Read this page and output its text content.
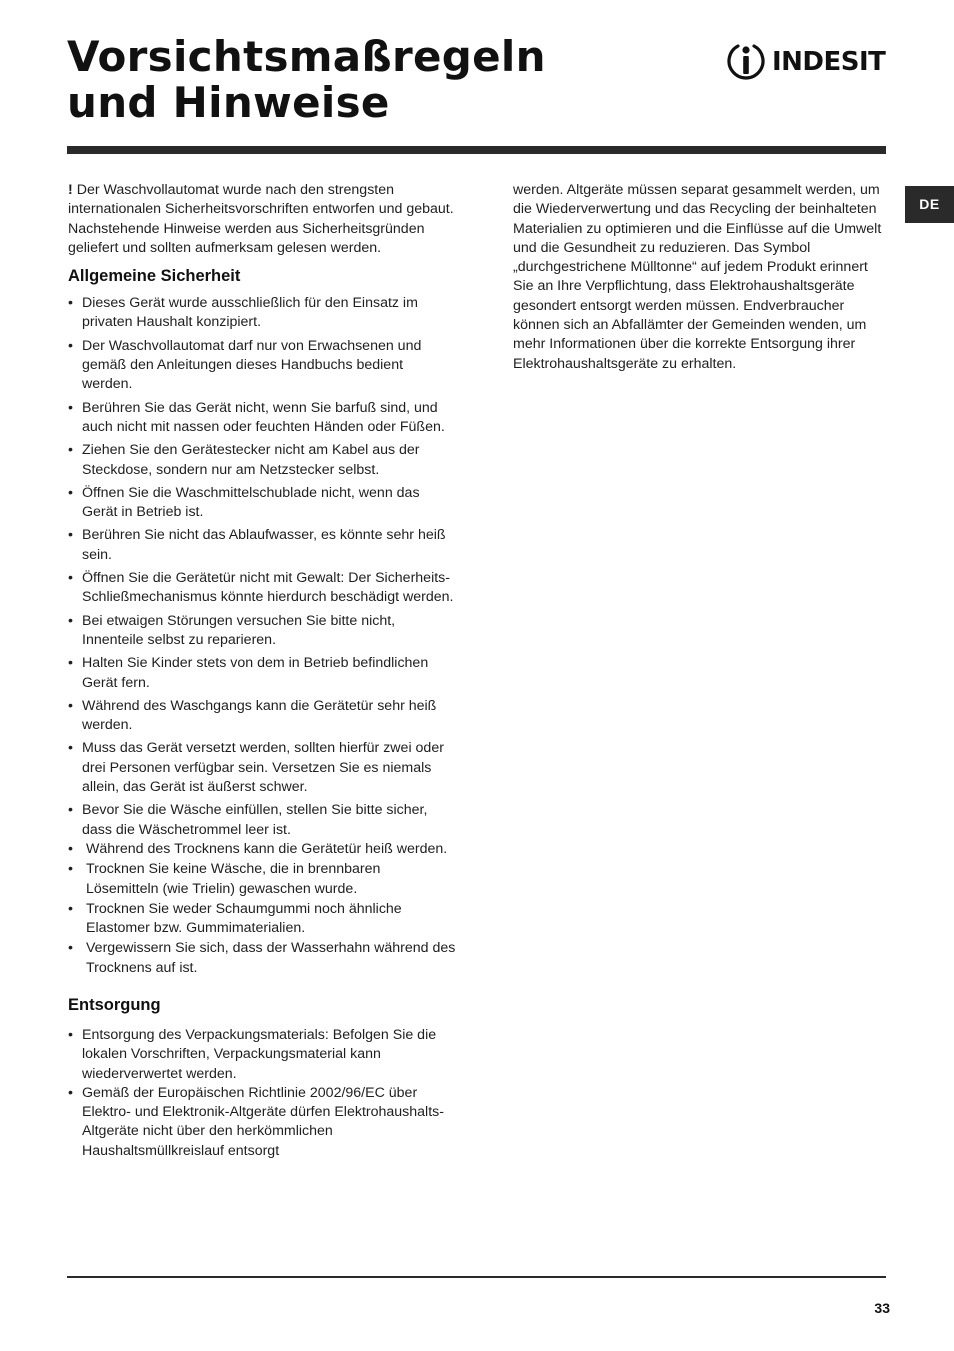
Vorsichtsmaßregeln
und Hinweise
INDESIT
DE

! Der Waschvollautomat wurde nach den strengsten internationalen Sicherheitsvorschriften entworfen und gebaut. Nachstehende Hinweise werden aus Sicherheitsgründen geliefert und sollten aufmerksam gelesen werden.

Allgemeine Sicherheit
• Dieses Gerät wurde ausschließlich für den Einsatz im privaten Haushalt konzipiert.
• Der Waschvollautomat darf nur von Erwachsenen und gemäß den Anleitungen dieses Handbuchs bedient werden.
• Berühren Sie das Gerät nicht, wenn Sie barfuß sind, und auch nicht mit nassen oder feuchten Händen oder Füßen.
• Ziehen Sie den Gerätestecker nicht am Kabel aus der Steckdose, sondern nur am Netzstecker selbst.
• Öffnen Sie die Waschmittelschublade nicht, wenn das Gerät in Betrieb ist.
• Berühren Sie nicht das Ablaufwasser, es könnte sehr heiß sein.
• Öffnen Sie die Gerätetür nicht mit Gewalt: Der Sicherheits-Schließmechanismus könnte hierdurch beschädigt werden.
• Bei etwaigen Störungen versuchen Sie bitte nicht, Innenteile selbst zu reparieren.
• Halten Sie Kinder stets von dem in Betrieb befindlichen Gerät fern.
• Während des Waschgangs kann die Gerätetür sehr heiß werden.
• Muss das Gerät versetzt werden, sollten hierfür zwei oder drei Personen verfügbar sein. Versetzen Sie es niemals allein, das Gerät ist äußerst schwer.
• Bevor Sie die Wäsche einfüllen, stellen Sie bitte sicher, dass die Wäschetrommel leer ist.
• Während des Trocknens kann die Gerätetür heiß werden.
• Trocknen Sie keine Wäsche, die in brennbaren Lösemitteln (wie Trielin) gewaschen wurde.
• Trocknen Sie weder Schaumgummi noch ähnliche Elastomer bzw. Gummimaterialien.
• Vergewissern Sie sich, dass der Wasserhahn während des Trocknens auf ist.
Entsorgung
• Entsorgung des Verpackungsmaterials: Befolgen Sie die lokalen Vorschriften, Verpackungsmaterial kann wiederverwertet werden.
• Gemäß der Europäischen Richtlinie 2002/96/EC über Elektro- und Elektronik-Altgeräte dürfen Elektrohaushalts-Altgeräte nicht über den herkömmlichen Haushaltsmüllkreislauf entsorgt

werden. Altgeräte müssen separat gesammelt werden, um die Wiederverwertung und das Recycling der beinhalteten Materialien zu optimieren und die Einflüsse auf die Umwelt und die Gesundheit zu reduzieren. Das Symbol „durchgestrichene Mülltonne“ auf jedem Produkt erinnert Sie an Ihre Verpflichtung, dass Elektrohaushaltsgeräte gesondert entsorgt werden müssen. Endverbraucher können sich an Abfallämter der Gemeinden wenden, um mehr Informationen über die korrekte Entsorgung ihrer Elektrohaushaltsgeräte zu erhalten.

33
